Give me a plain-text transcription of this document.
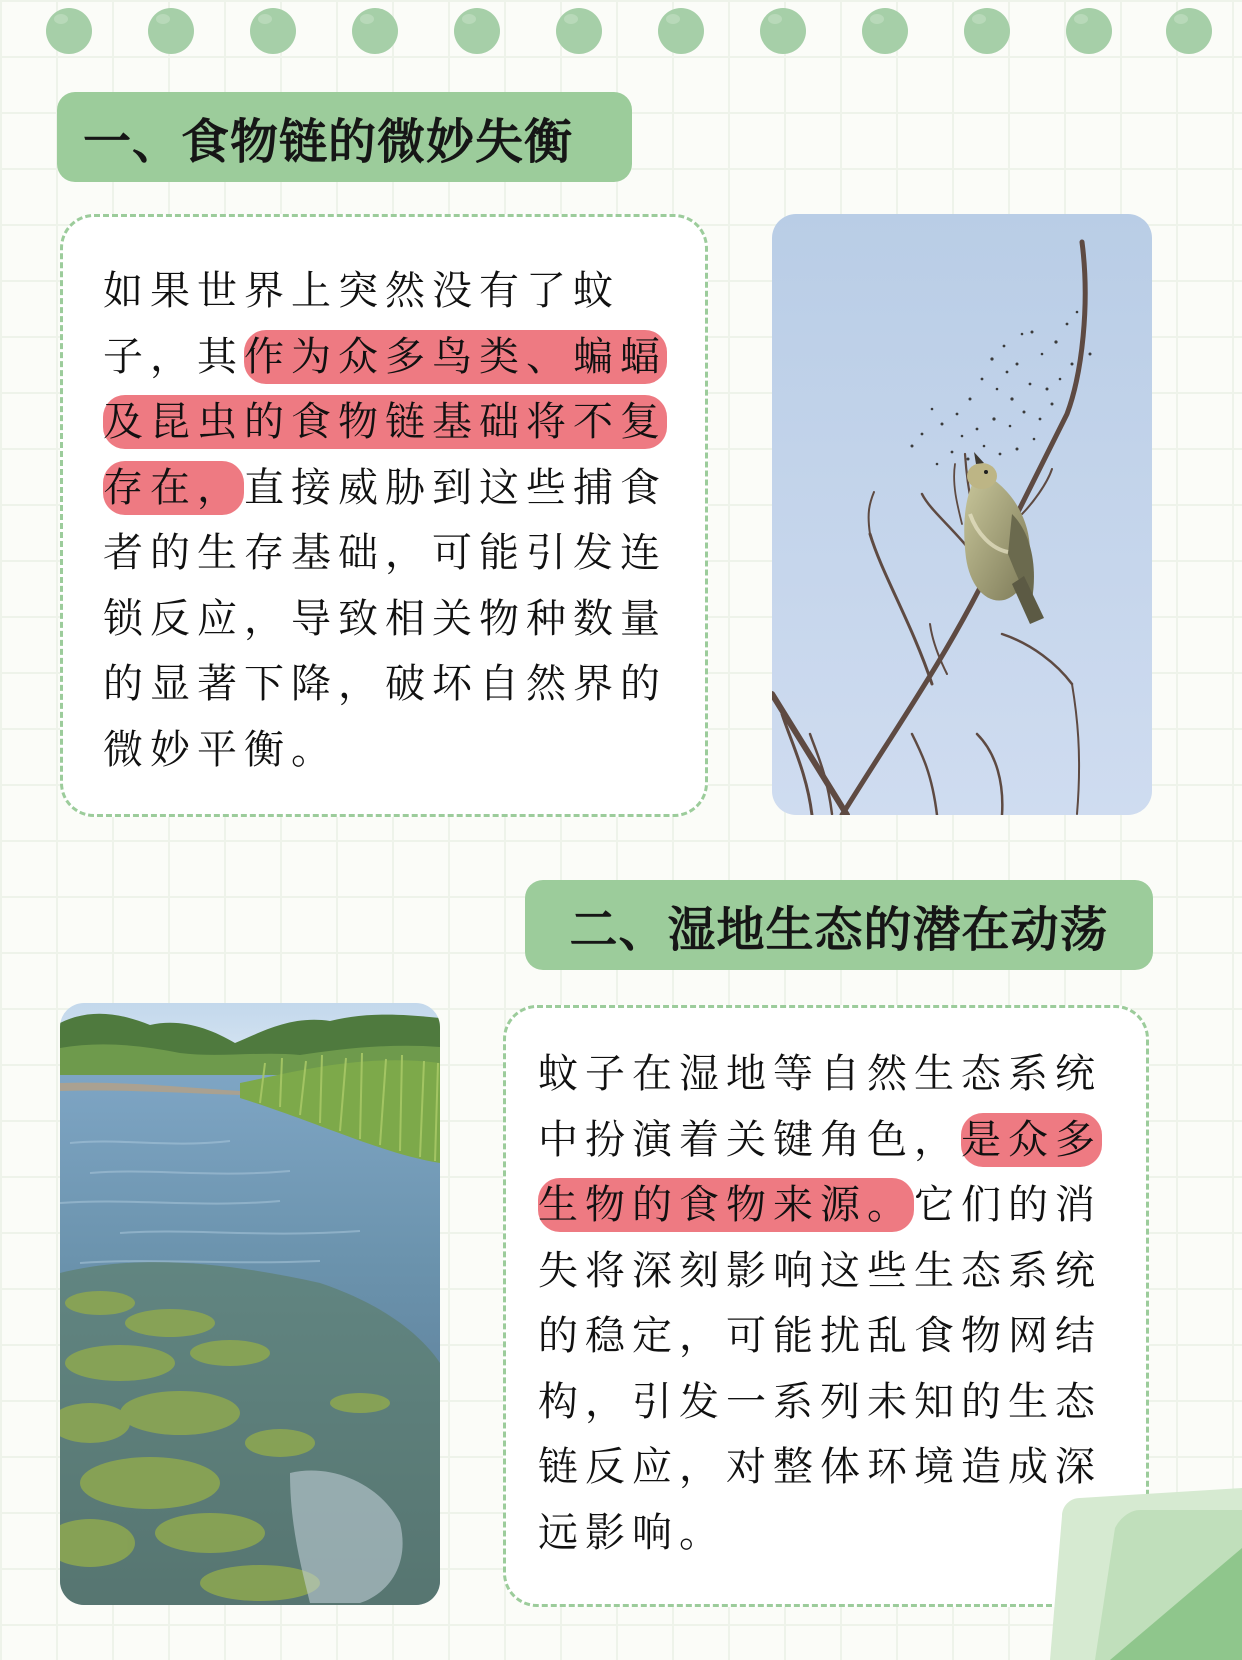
一、食物链的微妙失衡

如果世界上突然没有了蚊子，其作为众多鸟类、蝙蝠及昆虫的食物链基础将不复存在，直接威胁到这些捕食者的生存基础，可能引发连锁反应，导致相关物种数量的显著下降，破坏自然界的微妙平衡。

二、湿地生态的潜在动荡

蚊子在湿地等自然生态系统中扮演着关键角色，是众多生物的食物来源。它们的消失将深刻影响这些生态系统的稳定，可能扰乱食物网结构，引发一系列未知的生态链反应，对整体环境造成深远影响。
